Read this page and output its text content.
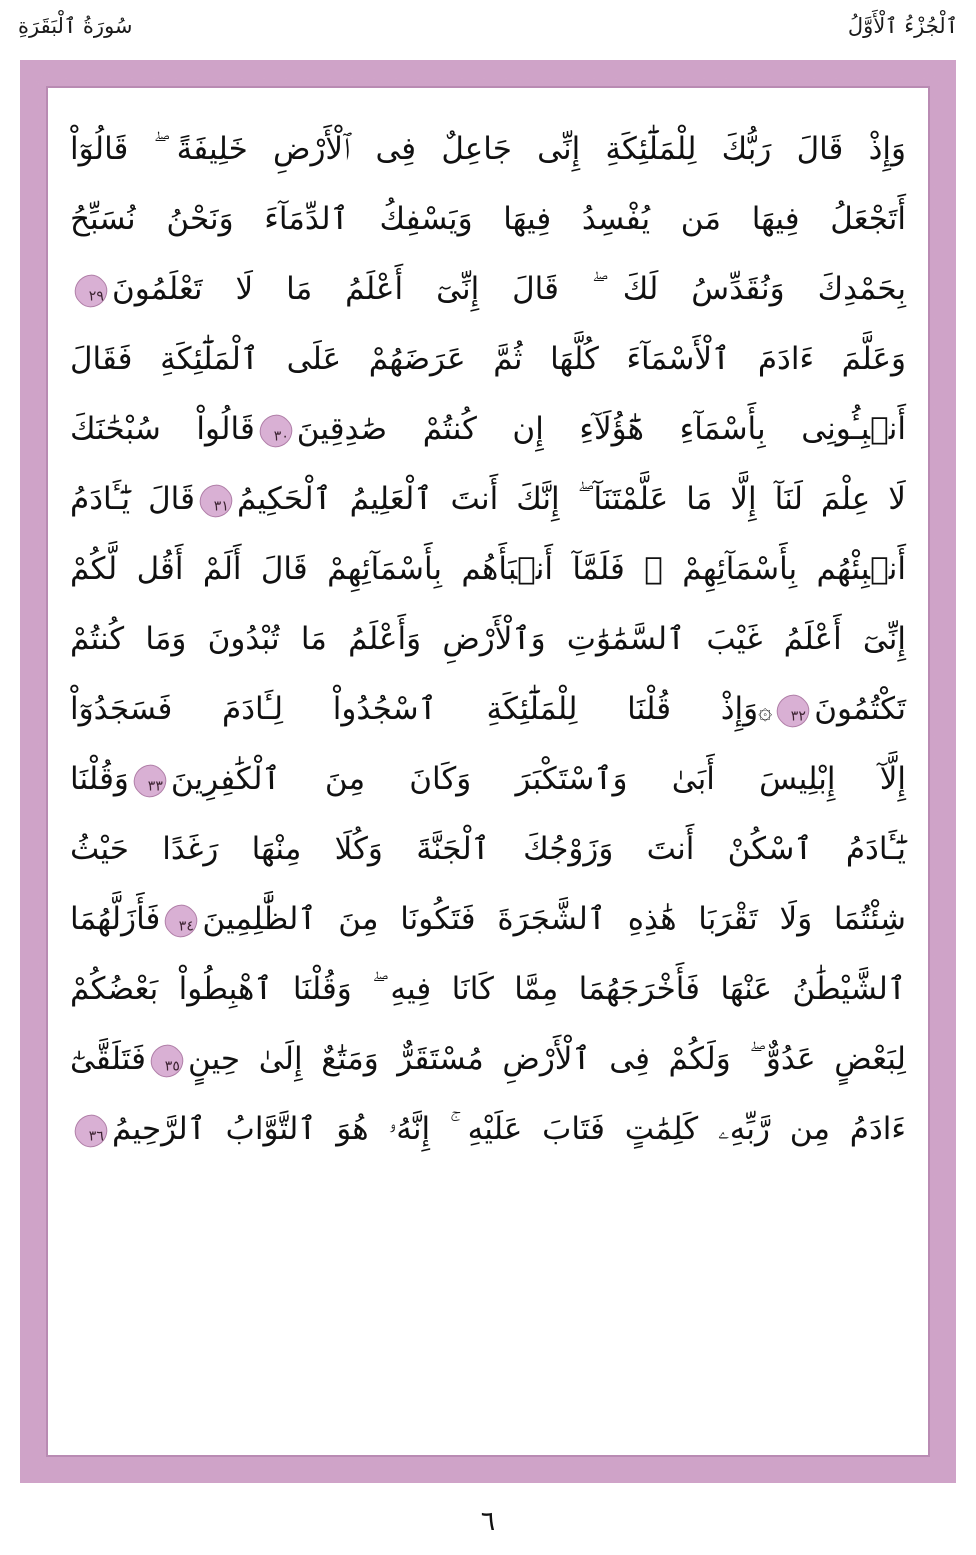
سُورَةُ ٱلْبَقَرَةِ	ٱلْجُزْءُ ٱلْأَوَّلُ
وَإِذْ قَالَ رَبُّكَ لِلْمَلَٰٓئِكَةِ إِنِّى جَاعِلٌ فِى ٱلْأَرْضِ خَلِيفَةً ۖ قَالُوٓاْ
أَتَجْعَلُ فِيهَا مَن يُفْسِدُ فِيهَا وَيَسْفِكُ ٱلدِّمَآءَ وَنَحْنُ نُسَبِّحُ
بِحَمْدِكَ وَنُقَدِّسُ لَكَ ۖ قَالَ إِنِّىٓ أَعْلَمُ مَا لَا تَعْلَمُونَ٢٩
وَعَلَّمَ ءَادَمَ ٱلْأَسْمَآءَ كُلَّهَا ثُمَّ عَرَضَهُمْ عَلَى ٱلْمَلَٰٓئِكَةِ فَقَالَ
أَنۢبِـُٔونِى بِأَسْمَآءِ هَٰٓؤُلَآءِ إِن كُنتُمْ صَٰدِقِينَ٣٠قَالُواْ سُبْحَٰنَكَ
لَا عِلْمَ لَنَآ إِلَّا مَا عَلَّمْتَنَآ ۖ إِنَّكَ أَنتَ ٱلْعَلِيمُ ٱلْحَكِيمُ٣١قَالَ يَٰٓـَٔادَمُ
أَنۢبِئْهُم بِأَسْمَآئِهِمْ ۖ فَلَمَّآ أَنۢبَأَهُم بِأَسْمَآئِهِمْ قَالَ أَلَمْ أَقُل لَّكُمْ
إِنِّىٓ أَعْلَمُ غَيْبَ ٱلسَّمَٰوَٰتِ وَٱلْأَرْضِ وَأَعْلَمُ مَا تُبْدُونَ وَمَا كُنتُمْ
تَكْتُمُونَ٣٢۞وَإِذْ قُلْنَا لِلْمَلَٰٓئِكَةِ ٱسْجُدُواْ لِـَٔادَمَ فَسَجَدُوٓاْ
إِلَّآ إِبْلِيسَ أَبَىٰ وَٱسْتَكْبَرَ وَكَانَ مِنَ ٱلْكَٰفِرِينَ٣٣وَقُلْنَا
يَٰٓـَٔادَمُ ٱسْكُنْ أَنتَ وَزَوْجُكَ ٱلْجَنَّةَ وَكُلَا مِنْهَا رَغَدًا حَيْثُ
شِئْتُمَا وَلَا تَقْرَبَا هَٰذِهِ ٱلشَّجَرَةَ فَتَكُونَا مِنَ ٱلظَّٰلِمِينَ٣٤فَأَزَلَّهُمَا
ٱلشَّيْطَٰنُ عَنْهَا فَأَخْرَجَهُمَا مِمَّا كَانَا فِيهِ ۖ وَقُلْنَا ٱهْبِطُواْ بَعْضُكُمْ
لِبَعْضٍ عَدُوٌّ ۖ وَلَكُمْ فِى ٱلْأَرْضِ مُسْتَقَرٌّ وَمَتَٰعٌ إِلَىٰ حِينٍ٣٥فَتَلَقَّىٰٓ
ءَادَمُ مِن رَّبِّهِۦ كَلِمَٰتٍ فَتَابَ عَلَيْهِ ۚ إِنَّهُۥ هُوَ ٱلتَّوَّابُ ٱلرَّحِيمُ٣٦
٦
